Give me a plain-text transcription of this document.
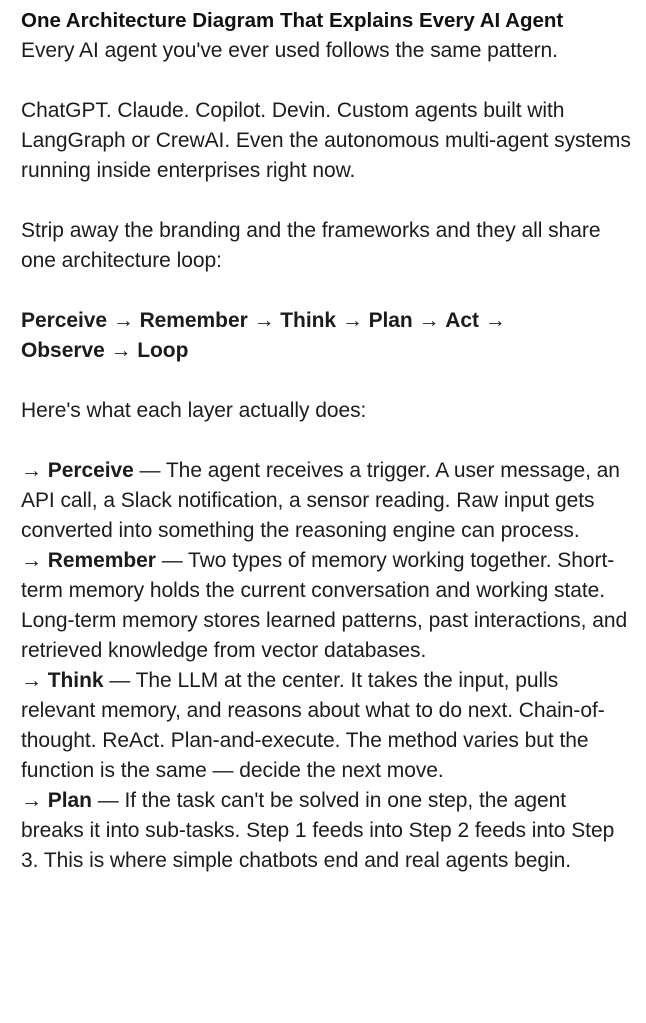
One Architecture Diagram That Explains Every AI Agent

Every AI agent you've ever used follows the same pattern.

ChatGPT. Claude. Copilot. Devin. Custom agents built with LangGraph or CrewAI. Even the autonomous multi-agent systems running inside enterprises right now.

Strip away the branding and the frameworks and they all share one architecture loop:

Perceive → Remember → Think → Plan → Act →
Observe → Loop

Here's what each layer actually does:

→ Perceive — The agent receives a trigger. A user message, an API call, a Slack notification, a sensor reading. Raw input gets converted into something the reasoning engine can process.

→ Remember — Two types of memory working together. Short-term memory holds the current conversation and working state. Long-term memory stores learned patterns, past interactions, and retrieved knowledge from vector databases.

→ Think — The LLM at the center. It takes the input, pulls relevant memory, and reasons about what to do next. Chain-of-thought. ReAct. Plan-and-execute. The method varies but the function is the same — decide the next move.

→ Plan — If the task can't be solved in one step, the agent breaks it into sub-tasks. Step 1 feeds into Step 2 feeds into Step 3. This is where simple chatbots end and real agents begin.
